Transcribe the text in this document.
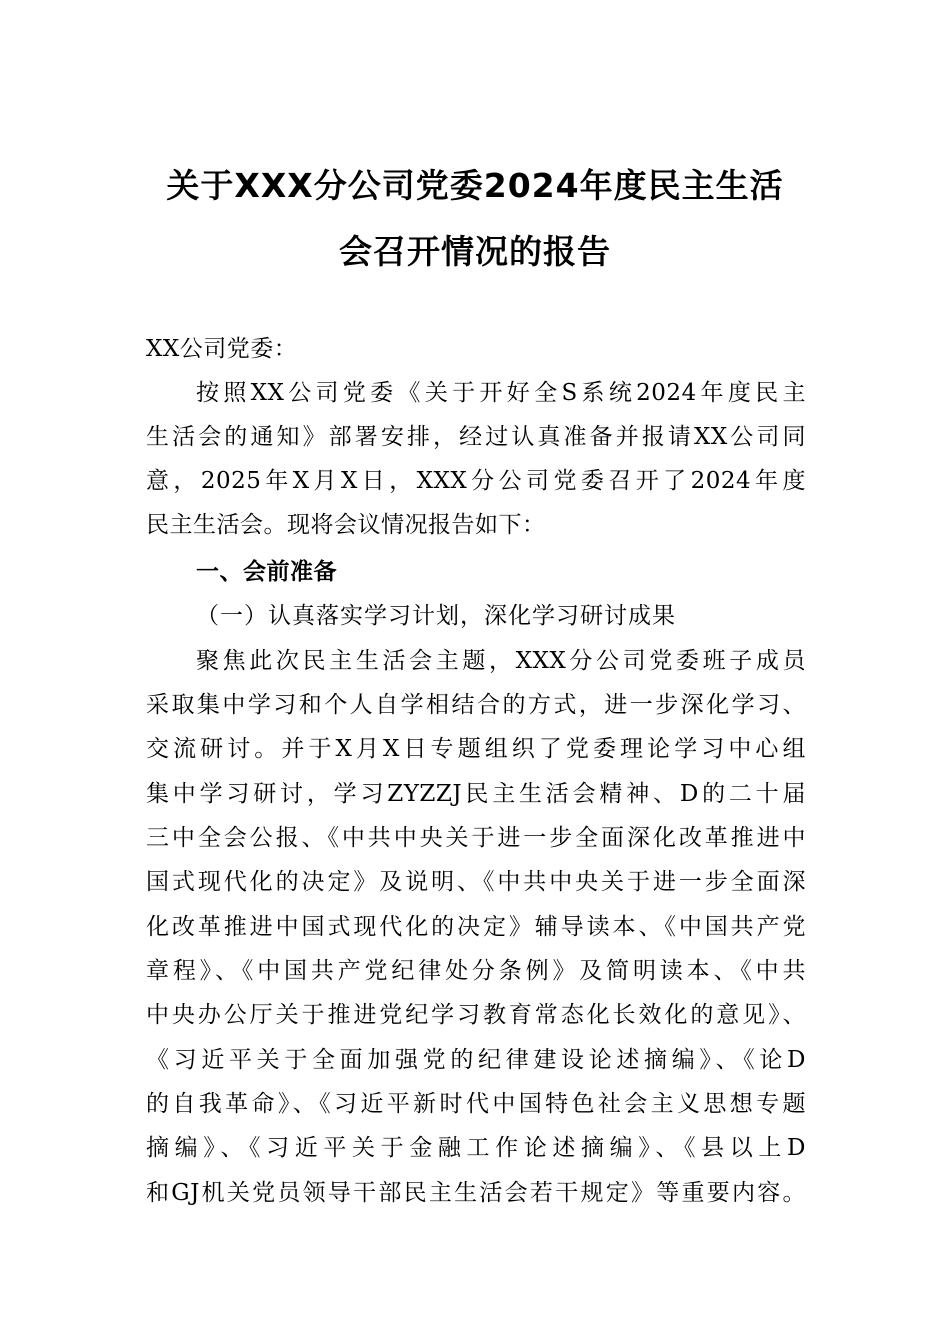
关于XXX分公司党委2024年度民主生活
会召开情况的报告
XX公司党委：
按照XX公司党委《关于开好全S系统2024年度民主
生活会的通知》部署安排，经过认真准备并报请XX公司同
意，2025年X月X日，XXX分公司党委召开了2024年度
民主生活会。现将会议情况报告如下：
一、会前准备
（一）认真落实学习计划，深化学习研讨成果
聚焦此次民主生活会主题，XXX分公司党委班子成员
采取集中学习和个人自学相结合的方式，进一步深化学习、
交流研讨。并于X月X日专题组织了党委理论学习中心组
集中学习研讨，学习ZYZZJ民主生活会精神、D的二十届
三中全会公报、《中共中央关于进一步全面深化改革推进中
国式现代化的决定》及说明、《中共中央关于进一步全面深
化改革推进中国式现代化的决定》辅导读本、《中国共产党
章程》、《中国共产党纪律处分条例》及简明读本、《中共
中央办公厅关于推进党纪学习教育常态化长效化的意见》、
《习近平关于全面加强党的纪律建设论述摘编》、《论D
的自我革命》、《习近平新时代中国特色社会主义思想专题
摘编》、《习近平关于金融工作论述摘编》、《县以上D
和GJ机关党员领导干部民主生活会若干规定》等重要内容。
